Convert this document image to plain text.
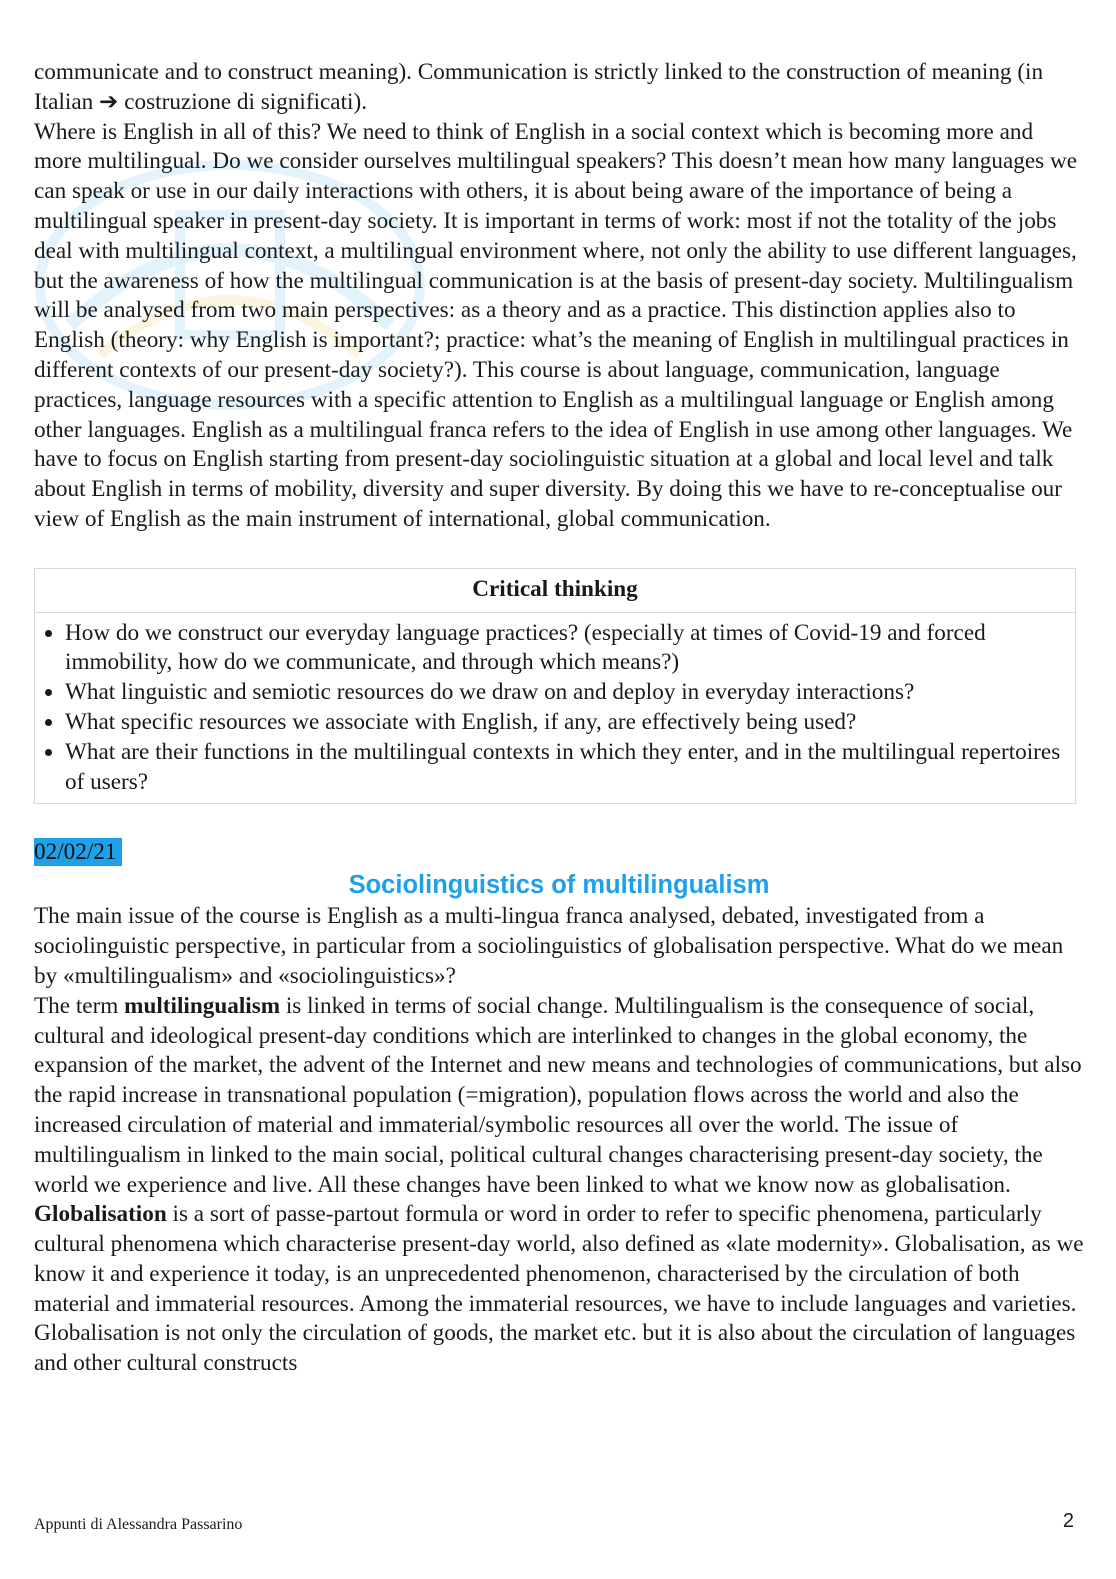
communicate and to construct meaning). Communication is strictly linked to the construction of meaning (in Italian ➔ costruzione di significati).

Where is English in all of this? We need to think of English in a social context which is becoming more and more multilingual. Do we consider ourselves multilingual speakers? This doesn’t mean how many languages we can speak or use in our daily interactions with others, it is about being aware of the importance of being a multilingual speaker in present-day society. It is important in terms of work: most if not the totality of the jobs deal with multilingual context, a multilingual environment where, not only the ability to use different languages, but the awareness of how the multilingual communication is at the basis of present-day society. Multilingualism will be analysed from two main perspectives: as a theory and as a practice. This distinction applies also to English (theory: why English is important?; practice: what’s the meaning of English in multilingual practices in different contexts of our present-day society?). This course is about language, communication, language practices, language resources with a specific attention to English as a multilingual language or English among other languages. English as a multilingual franca refers to the idea of English in use among other languages. We have to focus on English starting from present-day sociolinguistic situation at a global and local level and talk about English in terms of mobility, diversity and super diversity. By doing this we have to re-conceptualise our view of English as the main instrument of international, global communication.

Critical thinking
• How do we construct our everyday language practices? (especially at times of Covid-19 and forced immobility, how do we communicate, and through which means?)
• What linguistic and semiotic resources do we draw on and deploy in everyday interactions?
• What specific resources we associate with English, if any, are effectively being used?
• What are their functions in the multilingual contexts in which they enter, and in the multilingual repertoires of users?
02/02/21
Sociolinguistics of multilingualism

The main issue of the course is English as a multi-lingua franca analysed, debated, investigated from a sociolinguistic perspective, in particular from a sociolinguistics of globalisation perspective. What do we mean by «multilingualism» and «sociolinguistics»?

The term multilingualism is linked in terms of social change. Multilingualism is the consequence of social, cultural and ideological present-day conditions which are interlinked to changes in the global economy, the expansion of the market, the advent of the Internet and new means and technologies of communications, but also the rapid increase in transnational population (=migration), population flows across the world and also the increased circulation of material and immaterial/symbolic resources all over the world. The issue of multilingualism in linked to the main social, political cultural changes characterising present-day society, the world we experience and live. All these changes have been linked to what we know now as globalisation. Globalisation is a sort of passe-partout formula or word in order to refer to specific phenomena, particularly cultural phenomena which characterise present-day world, also defined as «late modernity». Globalisation, as we know it and experience it today, is an unprecedented phenomenon, characterised by the circulation of both material and immaterial resources. Among the immaterial resources, we have to include languages and varieties. Globalisation is not only the circulation of goods, the market etc. but it is also about the circulation of languages and other cultural constructs

Appunti di Alessandra Passarino	2
